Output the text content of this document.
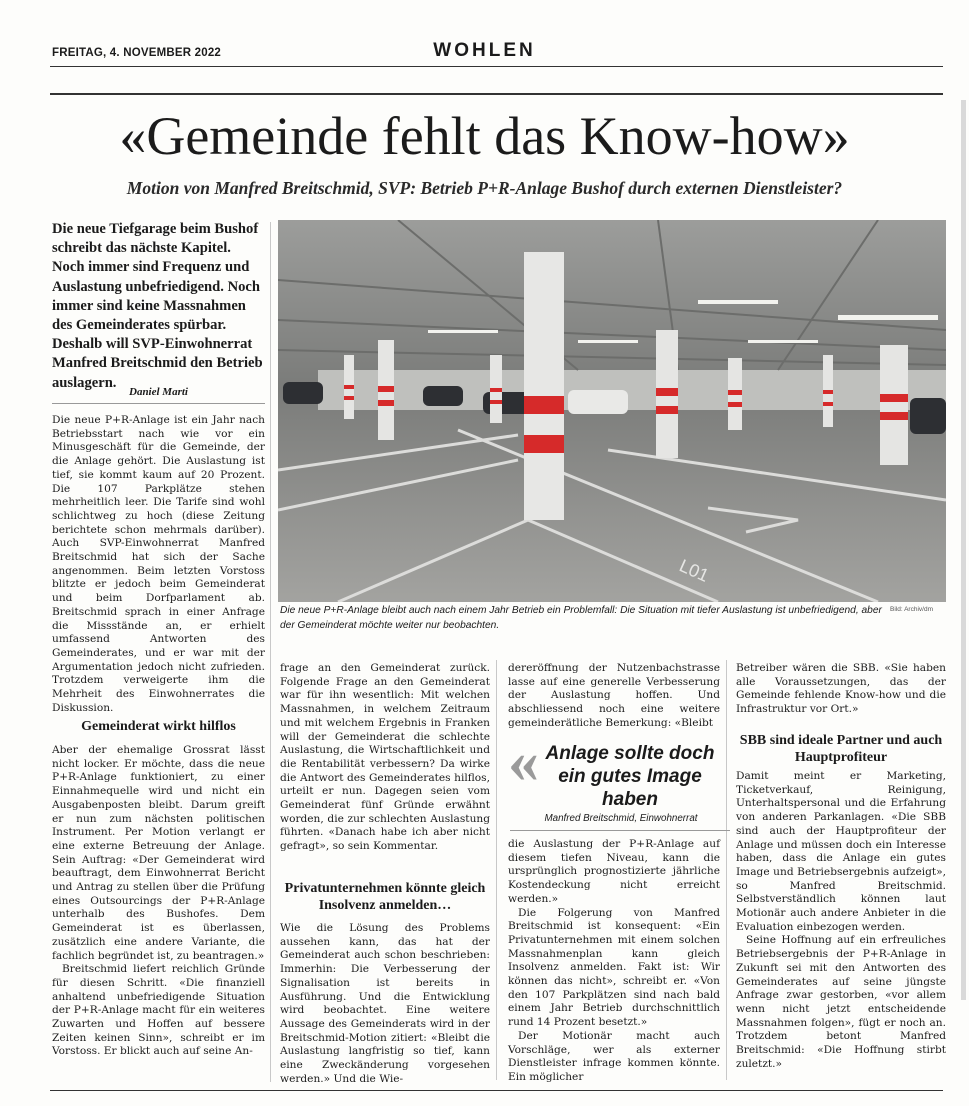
FREITAG, 4. NOVEMBER 2022	WOHLEN
«Gemeinde fehlt das Know-how»
Motion von Manfred Breitschmid, SVP: Betrieb P+R-Anlage Bushof durch externen Dienstleister?
Die neue Tiefgarage beim Bushof schreibt das nächste Kapitel. Noch immer sind Frequenz und Auslastung unbefriedigend. Noch immer sind keine Massnahmen des Gemeinderates spürbar. Deshalb will SVP-Einwohnerrat Manfred Breitschmid den Betrieb auslagern.
Daniel Marti
L01
Die neue P+R-Anlage bleibt auch nach einem Jahr Betrieb ein Problemfall: Die Situation mit tiefer Auslastung ist unbefriedigend, aber der Gemeinderat möchte weiter nur beobachten.
Bild: Archiv/dm

Die neue P+R-Anlage ist ein Jahr nach Betriebsstart nach wie vor ein Minusgeschäft für die Gemeinde, der die Anlage gehört. Die Auslastung ist tief, sie kommt kaum auf 20 Prozent. Die 107 Parkplätze stehen mehrheitlich leer. Die Tarife sind wohl schlichtweg zu hoch (diese Zeitung berichtete schon mehrmals darüber). Auch SVP-Einwohnerrat Manfred Breitschmid hat sich der Sache angenommen. Beim letzten Vorstoss blitzte er jedoch beim Gemeinderat und beim Dorfparlament ab. Breitschmid sprach in einer Anfrage die Missstände an, er erhielt umfassend Antworten des Gemeinderates, und er war mit der Argumentation jedoch nicht zufrieden. Trotzdem verweigerte ihm die Mehrheit des Einwohnerrates die Diskussion.

Gemeinderat wirkt hilflos

Aber der ehemalige Grossrat lässt nicht locker. Er möchte, dass die neue P+R-Anlage funktioniert, zu einer Einnahmequelle wird und nicht ein Ausgabenposten bleibt. Darum greift er nun zum nächsten politischen Instrument. Per Motion verlangt er eine externe Betreuung der Anlage. Sein Auftrag: «Der Gemeinderat wird beauftragt, dem Einwohnerrat Bericht und Antrag zu stellen über die Prüfung eines Outsourcings der P+R-Anlage unterhalb des Bushofes. Dem Gemeinderat ist es überlassen, zusätzlich eine andere Variante, die fachlich begründet ist, zu beantragen.»

Breitschmid liefert reichlich Gründe für diesen Schritt. «Die finanziell anhaltend unbefriedigende Situation der P+R-Anlage macht für ein weiteres Zuwarten und Hoffen auf bessere Zeiten keinen Sinn», schreibt er im Vorstoss. Er blickt auch auf seine An-

frage an den Gemeinderat zurück. Folgende Frage an den Gemeinderat war für ihn wesentlich: Mit welchen Massnahmen, in welchem Zeitraum und mit welchem Ergebnis in Franken will der Gemeinderat die schlechte Auslastung, die Wirtschaftlichkeit und die Rentabilität verbessern? Da wirke die Antwort des Gemeinderates hilflos, urteilt er nun. Dagegen seien vom Gemeinderat fünf Gründe erwähnt worden, die zur schlechten Auslastung führten. «Danach habe ich aber nicht gefragt», so sein Kommentar.

Privatunternehmen könnte gleich Insolvenz anmelden…

Wie die Lösung des Problems aussehen kann, das hat der Gemeinderat auch schon beschrieben: Immerhin: Die Verbesserung der Signalisation ist bereits in Ausführung. Und die Entwicklung wird beobachtet. Eine weitere Aussage des Gemeinderats wird in der Breitschmid-Motion zitiert: «Bleibt die Auslastung langfristig so tief, kann eine Zweckänderung vorgesehen werden.» Und die Wie-

dereröffnung der Nutzenbachstrasse lasse auf eine generelle Verbesserung der Auslastung hoffen. Und abschliessend noch eine weitere gemeinderätliche Bemerkung: «Bleibt

« Anlage sollte doch ein gutes Image haben
Manfred Breitschmid, Einwohnerrat

die Auslastung der P+R-Anlage auf diesem tiefen Niveau, kann die ursprünglich prognostizierte jährliche Kostendeckung nicht erreicht werden.»

Die Folgerung von Manfred Breitschmid ist konsequent: «Ein Privatunternehmen mit einem solchen Massnahmenplan kann gleich Insolvenz anmelden. Fakt ist: Wir können das nicht», schreibt er. «Von den 107 Parkplätzen sind nach bald einem Jahr Betrieb durchschnittlich rund 14 Prozent besetzt.»

Der Motionär macht auch Vorschläge, wer als externer Dienstleister infrage kommen könnte. Ein möglicher

Betreiber wären die SBB. «Sie haben alle Voraussetzungen, das der Gemeinde fehlende Know-how und die Infrastruktur vor Ort.»

SBB sind ideale Partner und auch Hauptprofiteur

Damit meint er Marketing, Ticketverkauf, Reinigung, Unterhaltspersonal und die Erfahrung von anderen Parkanlagen. «Die SBB sind auch der Hauptprofiteur der Anlage und müssen doch ein Interesse haben, dass die Anlage ein gutes Image und Betriebsergebnis aufzeigt», so Manfred Breitschmid. Selbstverständlich können laut Motionär auch andere Anbieter in die Evaluation einbezogen werden.

Seine Hoffnung auf ein erfreuliches Betriebsergebnis der P+R-Anlage in Zukunft sei mit den Antworten des Gemeinderates auf seine jüngste Anfrage zwar gestorben, «vor allem wenn nicht jetzt entscheidende Massnahmen folgen», fügt er noch an. Trotzdem betont Manfred Breitschmid: «Die Hoffnung stirbt zuletzt.»
